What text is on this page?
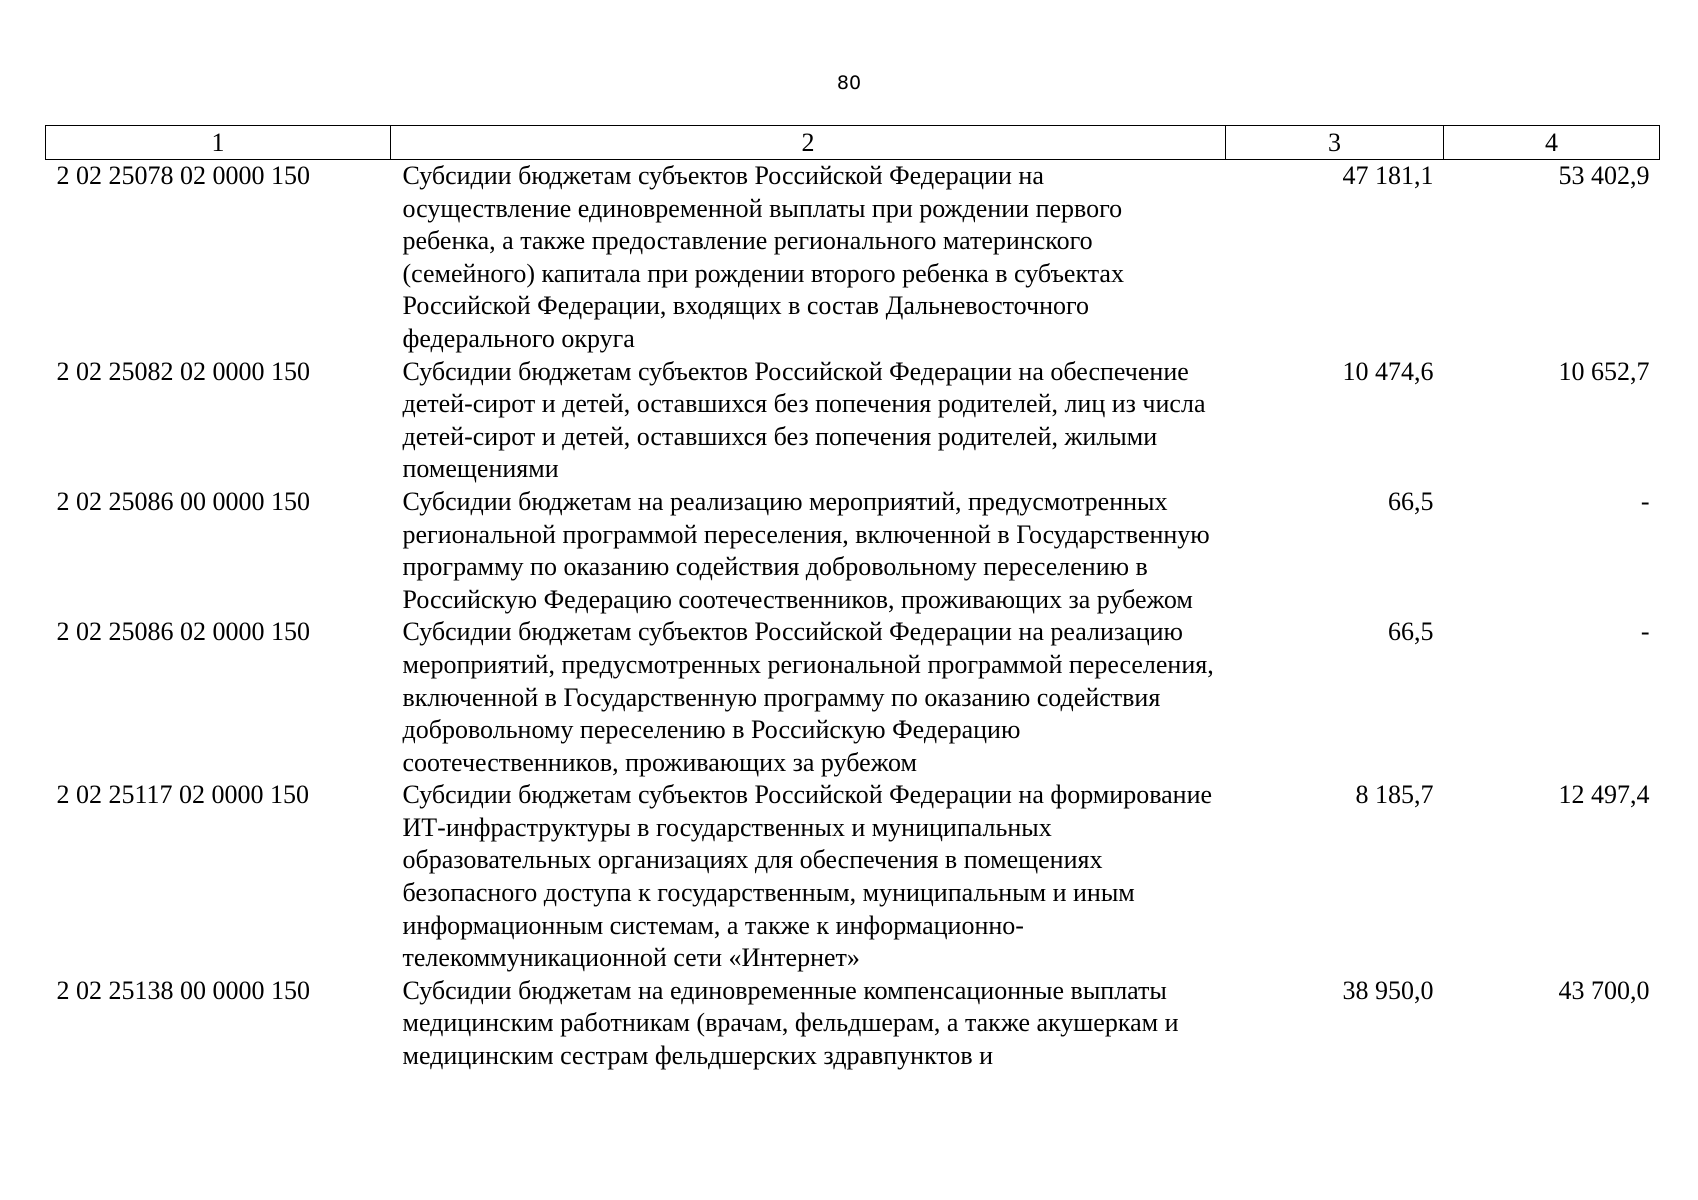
80
1	2	3	4
2 02 25078 02 0000 150	Субсидии бюджетам субъектов Российской Федерации на осуществление единовременной выплаты при рождении первого ребенка, а также предоставление регионального материнского (семейного) капитала при рождении второго ребенка в субъектах Российской Федерации, входящих в состав Дальневосточного федерального округа	47 181,1	53 402,9
2 02 25082 02 0000 150	Субсидии бюджетам субъектов Российской Федерации на обеспечение детей-сирот и детей, оставшихся без попечения родителей, лиц из числа детей-сирот и детей, оставшихся без попечения родителей, жилыми помещениями	10 474,6	10 652,7
2 02 25086 00 0000 150	Субсидии бюджетам на реализацию мероприятий, предусмотренных региональной программой переселения, включенной в Государственную программу по оказанию содействия добровольному переселению в Российскую Федерацию соотечественников, проживающих за рубежом	66,5	-
2 02 25086 02 0000 150	Субсидии бюджетам субъектов Российской Федерации на реализацию мероприятий, предусмотренных региональной программой переселения, включенной в Государственную программу по оказанию содействия добровольному переселению в Российскую Федерацию соотечественников, проживающих за рубежом	66,5	-
2 02 25117 02 0000 150	Субсидии бюджетам субъектов Российской Федерации на формирование ИТ-инфраструктуры в государственных и муниципальных образовательных организациях для обеспечения в помещениях безопасного доступа к государственным, муниципальным и иным информационным системам, а также к информационно-телекоммуникационной сети «Интернет»	8 185,7	12 497,4
2 02 25138 00 0000 150	Субсидии бюджетам на единовременные компенсационные выплаты медицинским работникам (врачам, фельдшерам, а также акушеркам и медицинским сестрам фельдшерских здравпунктов и	38 950,0	43 700,0
